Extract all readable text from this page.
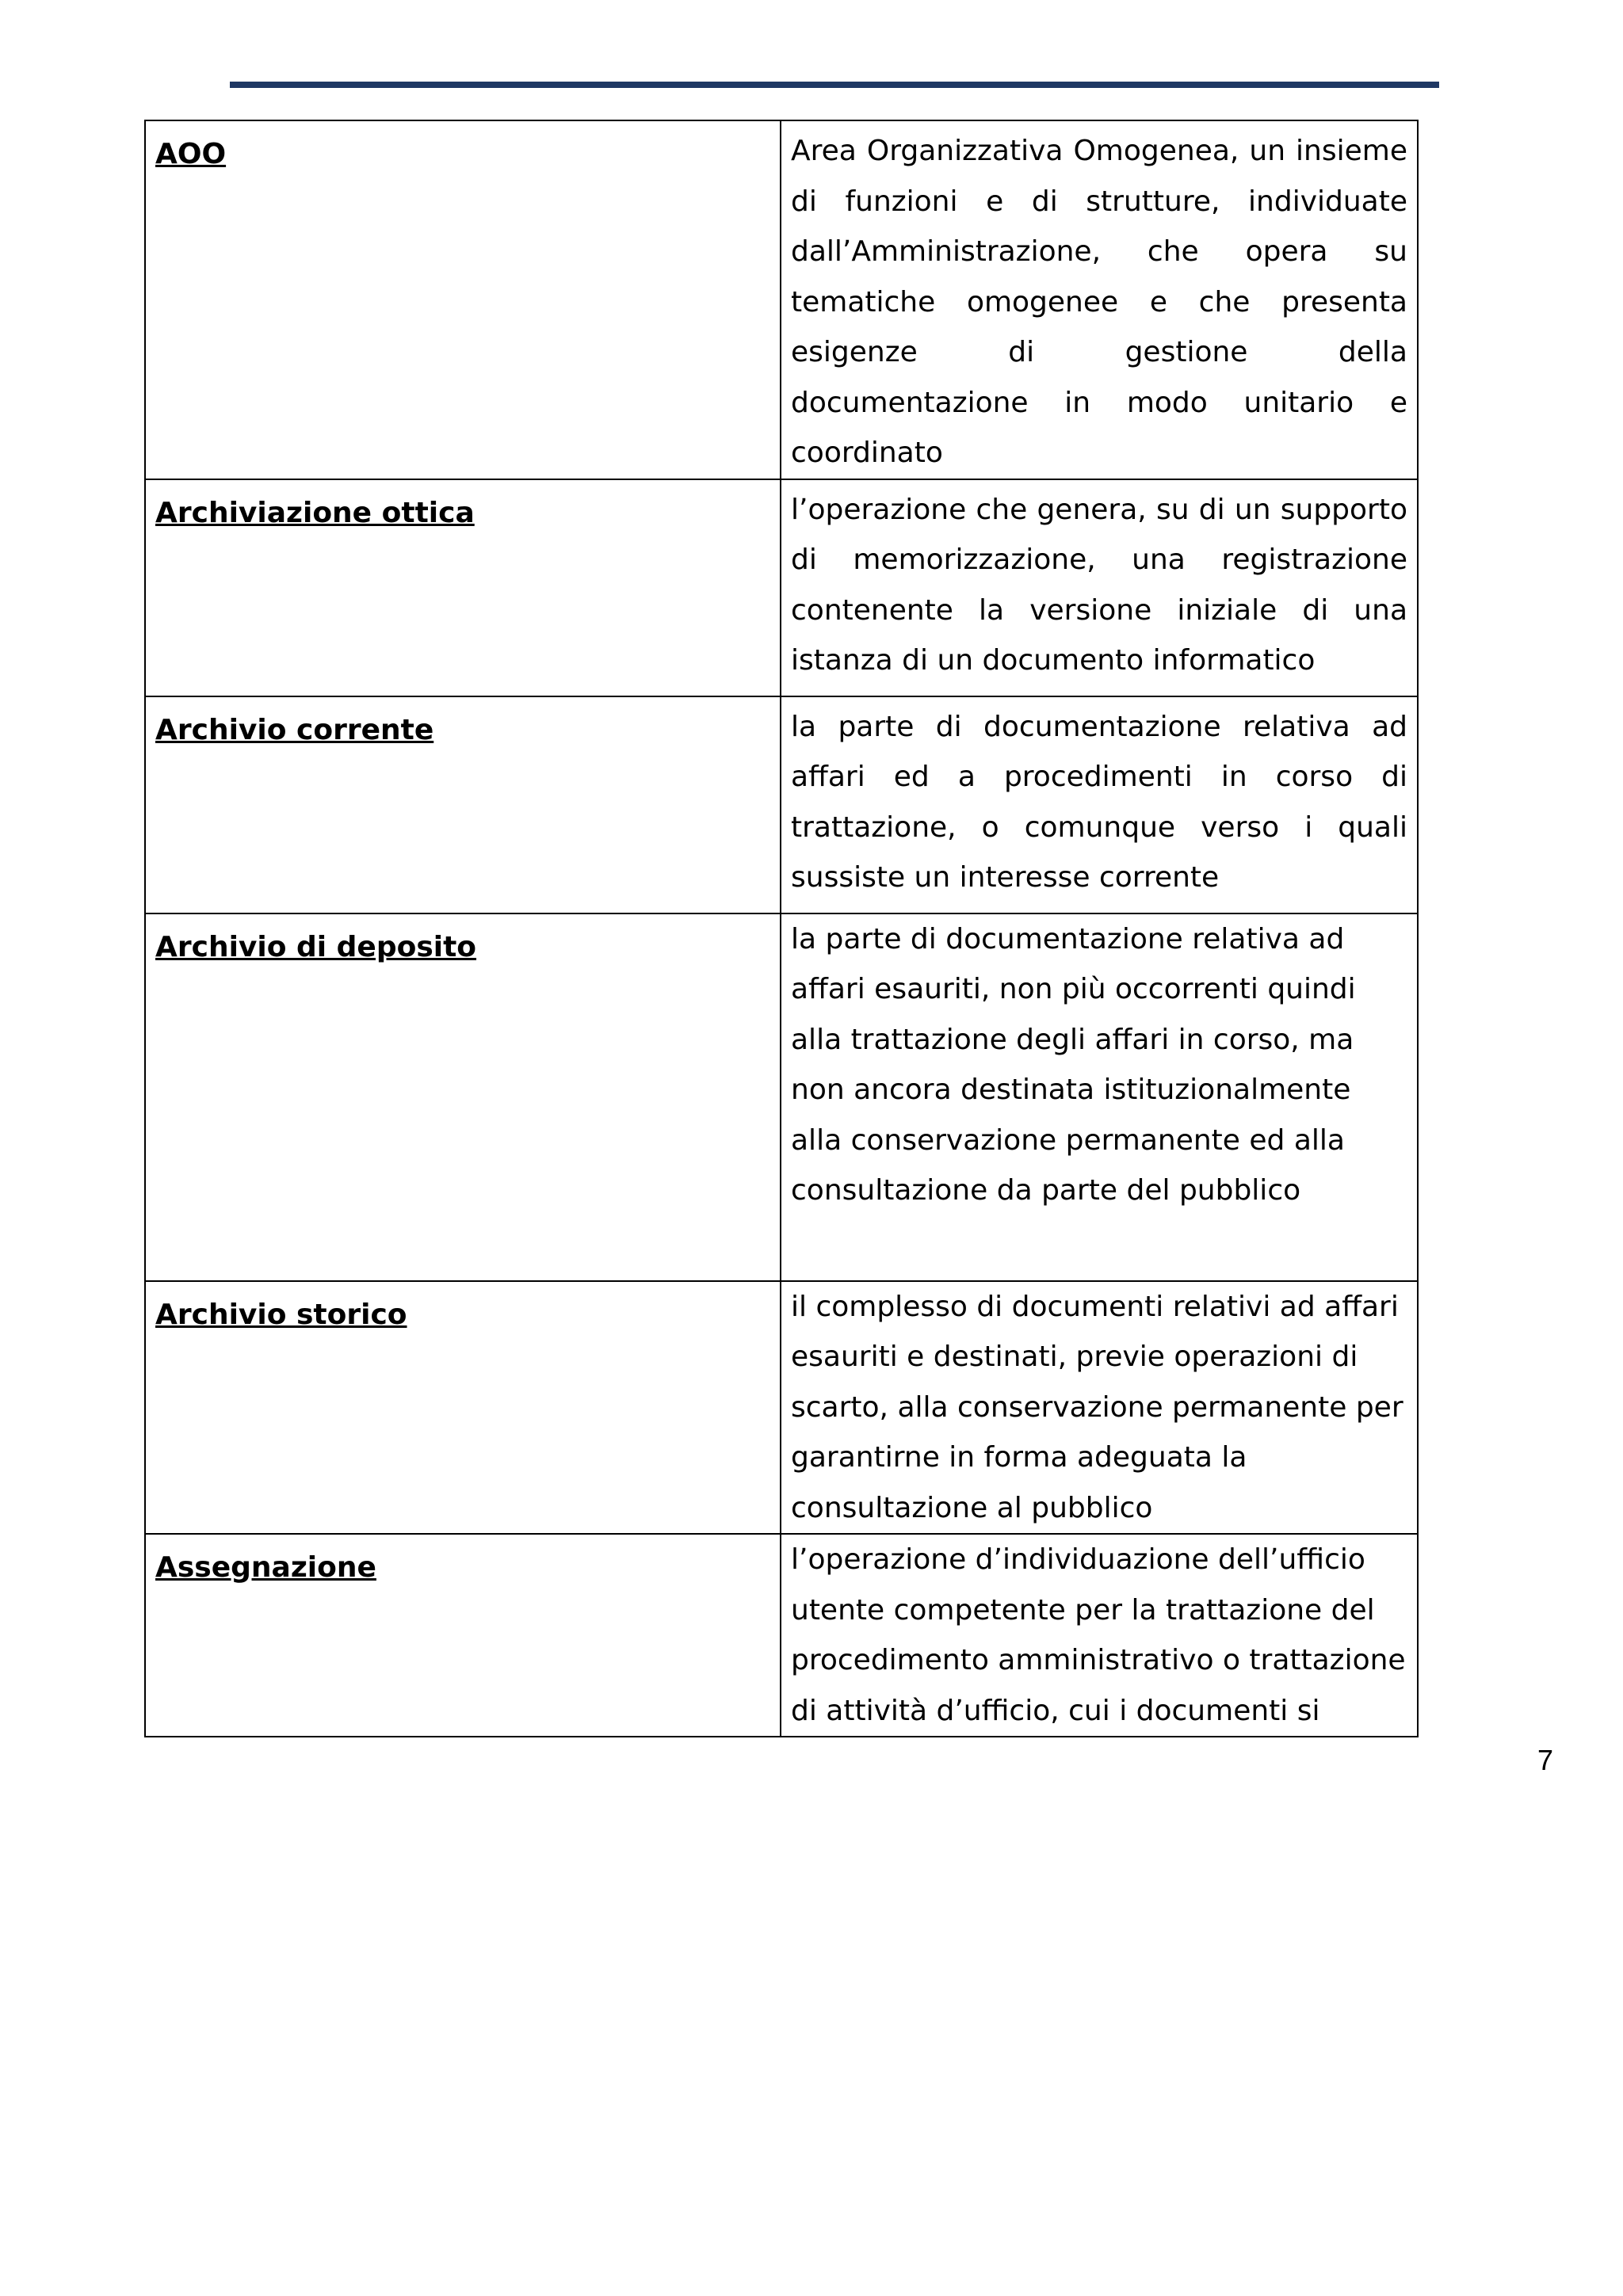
AOO	Area Organizzativa Omogenea, un insieme di funzioni e di strutture, individuate dall’Amministrazione, che opera su tematiche omogenee e che presenta esigenze di gestione della documentazione in modo unitario e coordinato

Archiviazione ottica	l’operazione che genera, su di un supporto di memorizzazione, una registrazione contenente la versione iniziale di una istanza di un documento informatico

Archivio corrente	la parte di documentazione relativa ad affari ed a procedimenti in corso di trattazione, o comunque verso i quali sussiste un interesse corrente

Archivio di deposito	la parte di documentazione relativa ad affari esauriti, non più occorrenti quindi alla trattazione degli affari in corso, ma non ancora destinata istituzionalmente alla conservazione permanente ed alla consultazione da parte del pubblico

Archivio storico	il complesso di documenti relativi ad affari esauriti e destinati, previe operazioni di scarto, alla conservazione permanente per garantirne in forma adeguata la consultazione al pubblico

Assegnazione	l’operazione d’individuazione dell’ufficio utente competente per la trattazione del procedimento amministrativo o trattazione di attività d’ufficio, cui i documenti si
7
